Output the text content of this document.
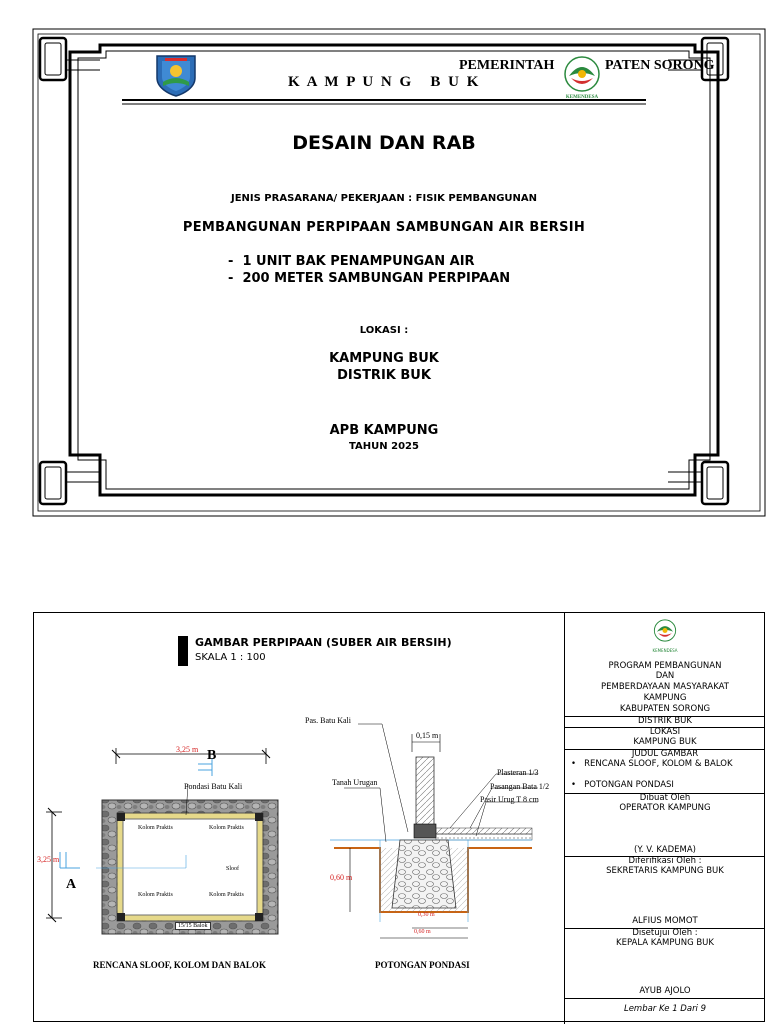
KEMENDESA
PEMERINTAH	PATEN SORONG
K A M P U N G   B U K
DESAIN DAN RAB
JENIS PRASARANA/ PEKERJAAN : FISIK PEMBANGUNAN
PEMBANGUNAN PERPIPAAN SAMBUNGAN AIR BERSIH
-  1 UNIT BAK PENAMPUNGAN AIR
-  200 METER SAMBUNGAN PERPIPAAN
LOKASI :
KAMPUNG BUK
DISTRIK BUK
APB KAMPUNG
TAHUN 2025
GAMBAR PERPIPAAN (SUBER AIR BERSIH)
SKALA 1 : 100
3,25 m B
Pondasi Batu Kali
3,25 m
A
Kolom Praktis	Kolom Praktis
Kolom Praktis	Kolom Praktis
Sloof
15/15 Balok
RENCANA SLOOF, KOLOM DAN BALOK
Pas. Batu Kali
0,15 m
Tanah Urugan
Plasteran 1/3
Pasangan Bata 1/2
Pasir Urug T 8 cm
0,60 m
0,30 m
0,60 m
POTONGAN PONDASI
KEMENDESA
PROGRAM PEMBANGUNAN
DAN
PEMBERDAYAAN MASYARAKAT
KAMPUNG
KABUPATEN SORONG
DISTRIK BUK
LOKASI
KAMPUNG BUK
JUDUL GAMBAR
•   RENCANA SLOOF, KOLOM & BALOK
•   POTONGAN PONDASI
Dibuat Oleh
OPERATOR KAMPUNG
(Y. V. KADEMA)
Diferifikasi Oleh :
SEKRETARIS KAMPUNG BUK
ALFIUS MOMOT
Disetujui Oleh :
KEPALA KAMPUNG BUK
AYUB AJOLO
Lembar Ke 1 Dari 9
